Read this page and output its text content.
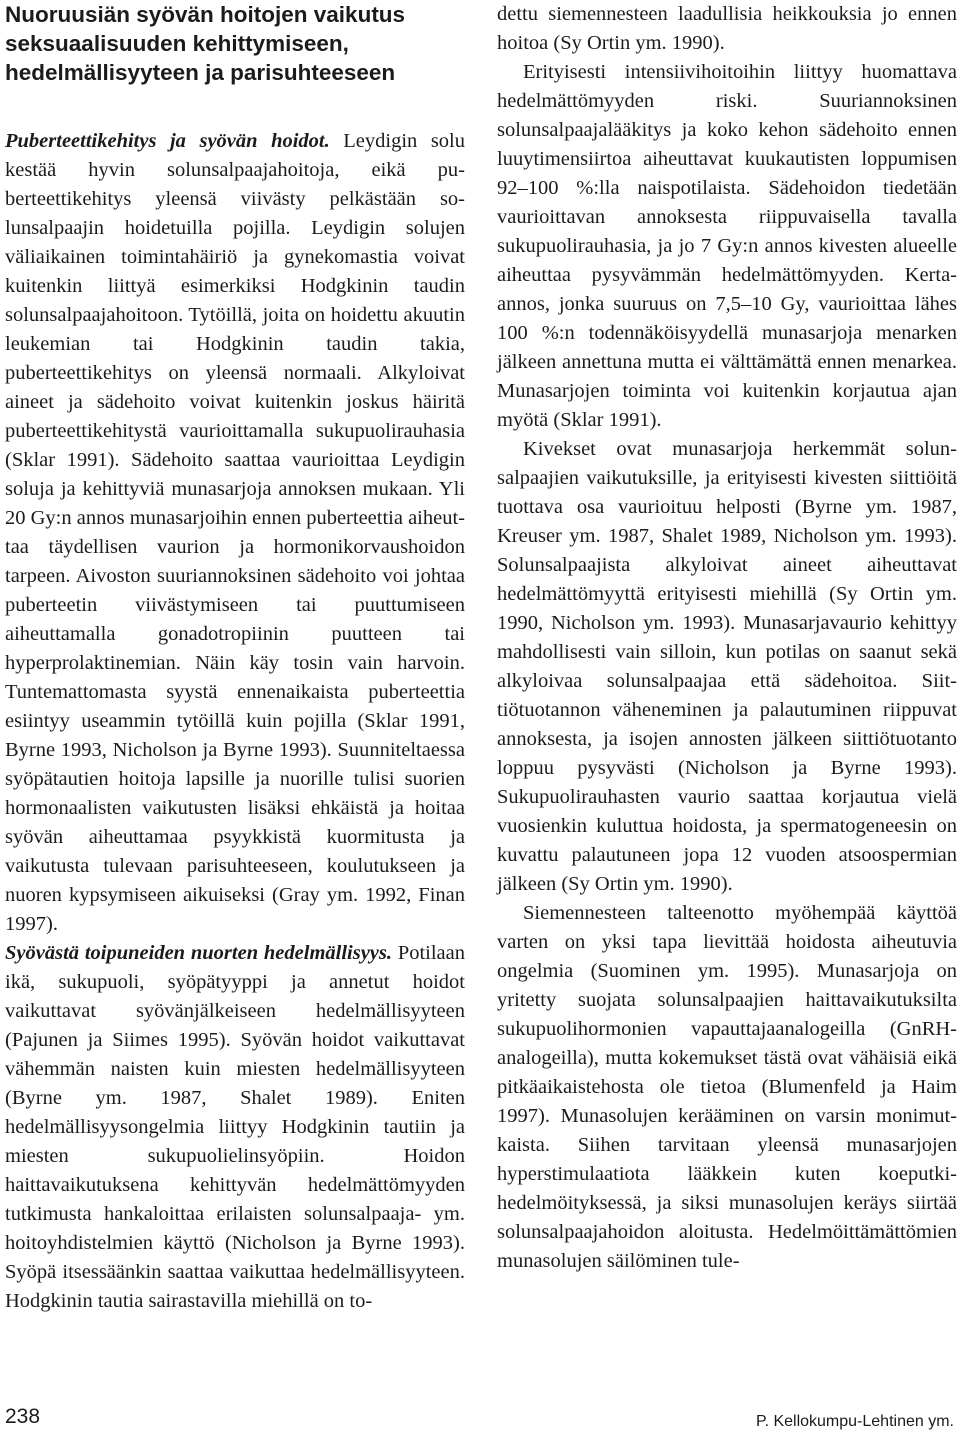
Nuoruusiän syövän hoitojen vaikutus
seksuaalisuuden kehittymiseen,
hedelmällisyyteen ja parisuhteeseen

Puberteettikehitys ja syövän hoidot. Leydigin solu kestää hyvin solunsalpaajahoitoja, eikä puberteettikehitys yleensä viivästy pelkästään solunsalpaajin hoidetuilla pojilla. Leydigin solujen väliaikainen toimintahäiriö ja gynekomastia voivat kuitenkin liittyä esimerkiksi Hodgkinin taudin solunsalpaajahoitoon. Tytöillä, joita on hoidettu akuutin leukemian tai Hodgkinin taudin takia, puberteettikehitys on yleensä normaali. Alkyloivat aineet ja sädehoito voivat kuitenkin joskus häiritä puberteettikehitystä vaurioittamalla sukupuolirauhasia (Sklar 1991). Sädehoito saattaa vaurioittaa Leydigin soluja ja kehittyviä munasarjoja annoksen mukaan. Yli 20 Gy:n annos munasarjoihin ennen puberteettia aiheuttaa täydellisen vaurion ja hormonikorvaushoidon tarpeen. Aivoston suuriannoksinen sädehoito voi johtaa puberteetin viivästymiseen tai puuttumiseen aiheuttamalla gonadotropiinin puutteen tai hyperprolaktinemian. Näin käy tosin vain harvoin. Tuntemattomasta syystä ennenaikaista puberteettia esiintyy useammin tytöillä kuin pojilla (Sklar 1991, Byrne 1993, Nicholson ja Byrne 1993). Suunniteltaessa syöpätautien hoitoja lapsille ja nuorille tulisi suorien hormonaalisten vaikutusten lisäksi ehkäistä ja hoitaa syövän aiheuttamaa psyykkistä kuormitusta ja vaikutusta tulevaan parisuhteeseen, koulutukseen ja nuoren kypsymiseen aikuiseksi (Gray ym. 1992, Finan 1997).

Syövästä toipuneiden nuorten hedelmällisyys. Potilaan ikä, sukupuoli, syöpätyyppi ja annetut hoidot vaikuttavat syövänjälkeiseen hedelmällisyyteen (Pajunen ja Siimes 1995). Syövän hoidot vaikuttavat vähemmän naisten kuin miesten hedelmällisyyteen (Byrne ym. 1987, Shalet 1989). Eniten hedelmällisyysongelmia liittyy Hodgkinin tautiin ja miesten sukupuolielinsyöpiin. Hoidon haittavaikutuksena kehittyvän hedelmättömyyden tutkimusta hankaloittaa erilaisten solunsalpaaja- ym. hoitoyhdistelmien käyttö (Nicholson ja Byrne 1993). Syöpä itsessäänkin saattaa vaikuttaa hedelmällisyyteen. Hodgkinin tautia sairastavilla miehillä on to-

dettu siemennesteen laadullisia heikkouksia jo ennen hoitoa (Sy Ortin ym. 1990).

Erityisesti intensiivihoitoihin liittyy huomattava hedelmättömyyden riski. Suuriannoksinen solunsalpaajalääkitys ja koko kehon sädehoito ennen luuytimensiirtoa aiheuttavat kuukautisten loppumisen 92–100 %:lla naispotilaista. Sädehoidon tiedetään vaurioittavan annoksesta riippuvaisella tavalla sukupuolirauhasia, ja jo 7 Gy:n annos kivesten alueelle aiheuttaa pysyvämmän hedelmättömyyden. Kerta-annos, jonka suuruus on 7,5–10 Gy, vaurioittaa lähes 100 %:n todennäköisyydellä munasarjoja menarken jälkeen annettuna mutta ei välttämättä ennen menarkea. Munasarjojen toiminta voi kuitenkin korjautua ajan myötä (Sklar 1991).

Kivekset ovat munasarjoja herkemmät solunsalpaajien vaikutuksille, ja erityisesti kivesten siittiöitä tuottava osa vaurioituu helposti (Byrne ym. 1987, Kreuser ym. 1987, Shalet 1989, Nicholson ym. 1993). Solunsalpaajista alkyloivat aineet aiheuttavat hedelmättömyyttä erityisesti miehillä (Sy Ortin ym. 1990, Nicholson ym. 1993). Munasarjavaurio kehittyy mahdollisesti vain silloin, kun potilas on saanut sekä alkyloivaa solunsalpaajaa että sädehoitoa. Siittiötuotannon väheneminen ja palautuminen riippuvat annoksesta, ja isojen annosten jälkeen siittiötuotanto loppuu pysyvästi (Nicholson ja Byrne 1993). Sukupuolirauhasten vaurio saattaa korjautua vielä vuosienkin kuluttua hoidosta, ja spermatogeneesin on kuvattu palautuneen jopa 12 vuoden atsoospermian jälkeen (Sy Ortin ym. 1990).

Siemennesteen talteenotto myöhempää käyttöä varten on yksi tapa lievittää hoidosta aiheutuvia ongelmia (Suominen ym. 1995). Munasarjoja on yritetty suojata solunsalpaajien haittavaikutuksilta sukupuolihormonien vapauttajaanalogeilla (GnRH-analogeilla), mutta kokemukset tästä ovat vähäisiä eikä pitkäaikaistehosta ole tietoa (Blumenfeld ja Haim 1997). Munasolujen kerääminen on varsin monimutkaista. Siihen tarvitaan yleensä munasarjojen hyperstimulaatiota lääkkein kuten koeputkihedelmöityksessä, ja siksi munasolujen keräys siirtää solunsalpaajahoidon aloitusta. Hedelmöittämättömien munasolujen säilöminen tule-

238	P. Kellokumpu-Lehtinen ym.
